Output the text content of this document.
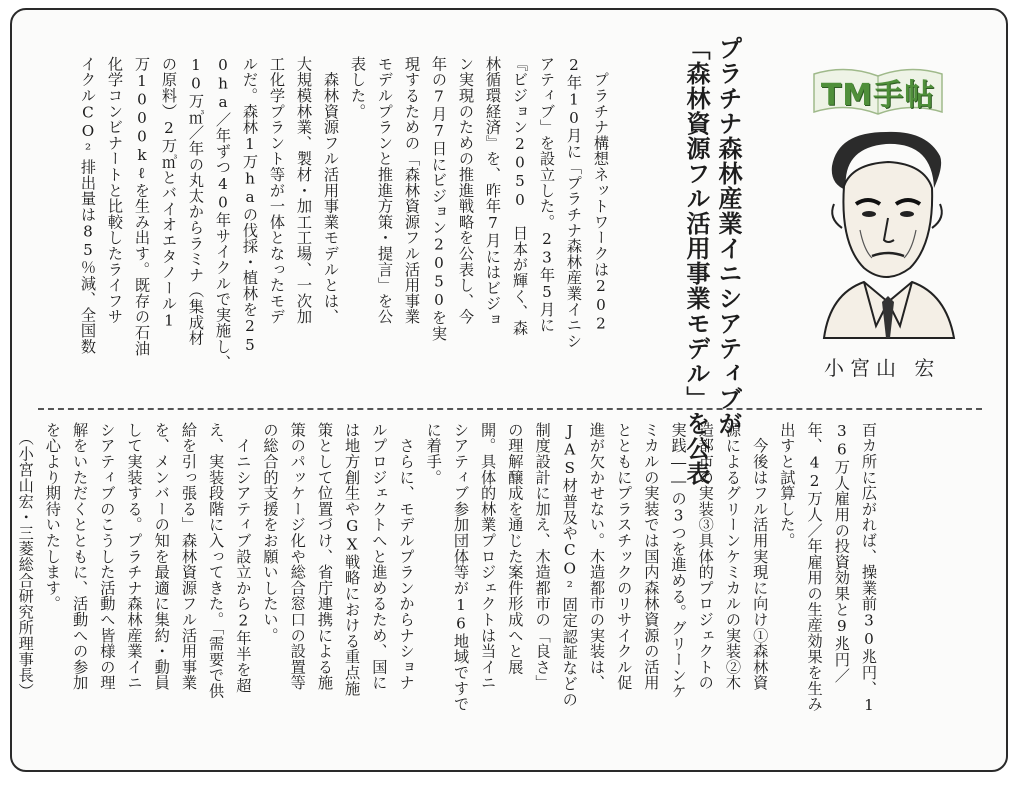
TM手帖
小宮山 宏
プラチナ森林産業イニシアティブが
「森林資源フル活用事業モデル」を公表
　プラチナ構想ネットワークは202
2年10月に「プラチナ森林産業イニシ
アティブ」を設立した。23年5月に
『ビジョン2050　日本が輝く、森
林循環経済』を、昨年7月にはビジョ
ン実現のための推進戦略を公表し、今
年の7月7日にビジョン2050を実
現するための「森林資源フル活用事業
モデルプランと推進方策・提言」を公
表した。
　森林資源フル活用事業モデルとは、
大規模林業、製材・加工工場、一次加
工化学プラント等が一体となったモデ
ルだ。森林1万haの伐採・植林を25
0ha／年ずつ40年サイクルで実施し、
10万㎥／年の丸太からラミナ（集成材
の原料）2万㎥とバイオエタノール1
万1000kℓを生み出す。既存の石油
化学コンビナートと比較したライフサ
イクルCO²排出量は85％減、全国数
百カ所に広がれば、操業前30兆円、1
36万人雇用の投資効果と9兆円／
年、42万人／年雇用の生産効果を生み
出すと試算した。
　今後はフル活用実現に向け①森林資
源によるグリーンケミカルの実装②木
造都市の実装③具体的プロジェクトの
実践――の3つを進める。グリーンケ
ミカルの実装では国内森林資源の活用
とともにプラスチックのリサイクル促
進が欠かせない。木造都市の実装は、
JAS材普及やCO²固定認証などの
制度設計に加え、木造都市の「良さ」
の理解醸成を通じた案件形成へと展
開。具体的林業プロジェクトは当イニ
シアティブ参加団体等が16地域ですで
に着手。
　さらに、モデルプランからナショナ
ルプロジェクトへと進めるため、国に
は地方創生やGX戦略における重点施
策として位置づけ、省庁連携による施
策のパッケージ化や総合窓口の設置等
の総合的支援をお願いしたい。
　イニシアティブ設立から2年半を超
え、実装段階に入ってきた。「需要で供
給を引っ張る」森林資源フル活用事業
を、メンバーの知を最適に集約・動員
して実装する。プラチナ森林産業イニ
シアティブのこうした活動へ皆様の理
解をいただくとともに、活動への参加
を心より期待いたします。
　（小宮山宏・三菱総合研究所理事長）
